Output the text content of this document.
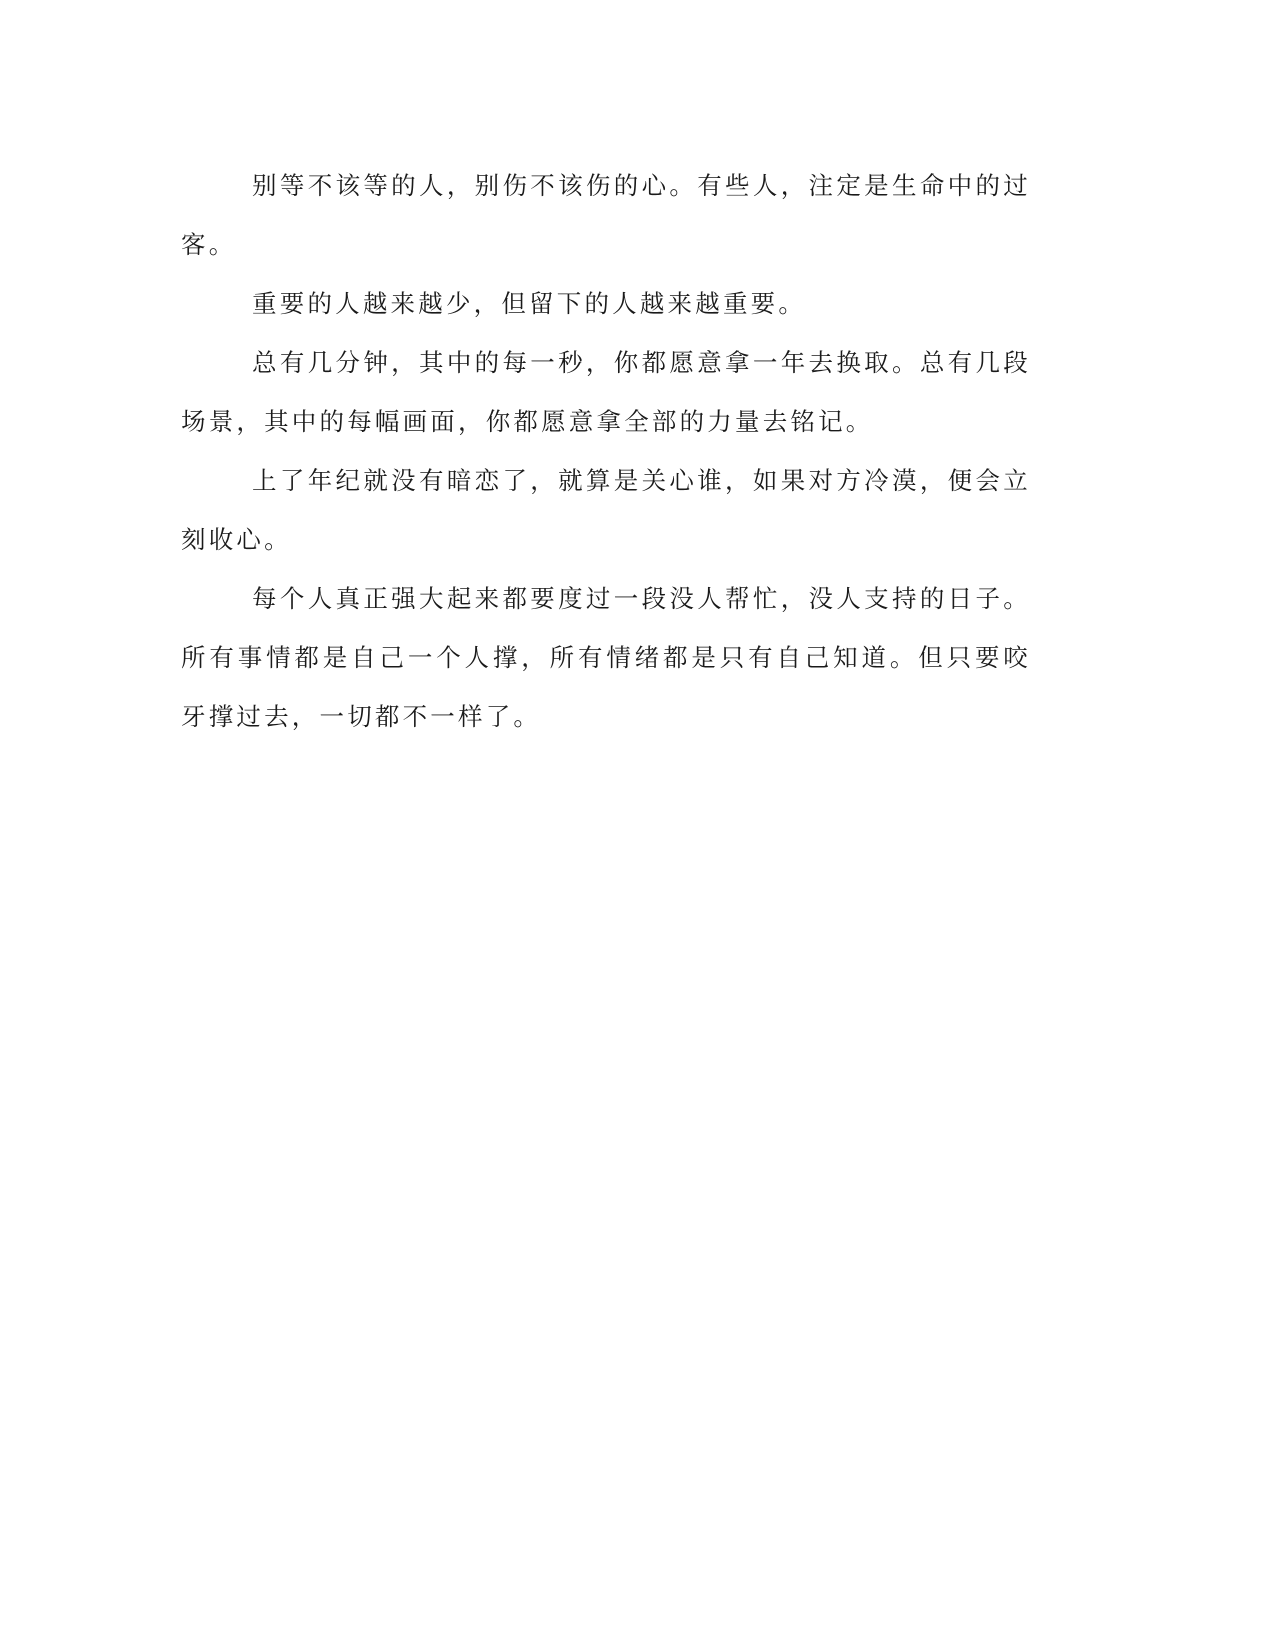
别等不该等的人，别伤不该伤的心。有些人，注定是生命中的过客。

重要的人越来越少，但留下的人越来越重要。

总有几分钟，其中的每一秒，你都愿意拿一年去换取。总有几段场景，其中的每幅画面，你都愿意拿全部的力量去铭记。

上了年纪就没有暗恋了，就算是关心谁，如果对方冷漠，便会立刻收心。

每个人真正强大起来都要度过一段没人帮忙，没人支持的日子。所有事情都是自己一个人撑，所有情绪都是只有自己知道。但只要咬牙撑过去，一切都不一样了。
